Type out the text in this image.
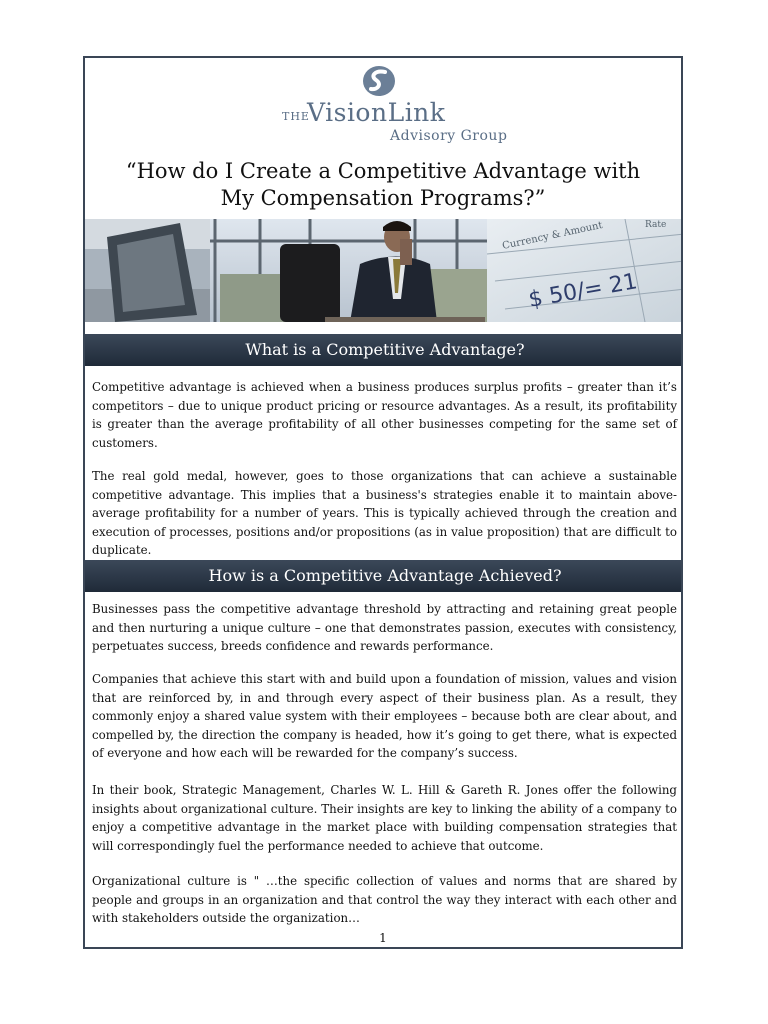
THE
VisionLink
Advisory Group
“How do I Create a Competitive Advantage with
My Compensation Programs?”
Currency & Amount	Rate
$ 50/= 21
What is a Competitive Advantage?

Competitive advantage is achieved when a business produces surplus profits – greater than it’s competitors – due to unique product pricing or resource advantages. As a result, its profitability is greater than the average profitability of all other businesses competing for the same set of customers.

The real gold medal, however, goes to those organizations that can achieve a sustainable competitive advantage. This implies that a business's strategies enable it to maintain above-average profitability for a number of years. This is typically achieved through the creation and execution of processes, positions and/or propositions (as in value proposition) that are difficult to duplicate.

How is a Competitive Advantage Achieved?

Businesses pass the competitive advantage threshold by attracting and retaining great people and then nurturing a unique culture – one that demonstrates passion, executes with consistency, perpetuates success, breeds confidence and rewards performance.

Companies that achieve this start with and build upon a foundation of mission, values and vision that are reinforced by, in and through every aspect of their business plan. As a result, they commonly enjoy a shared value system with their employees – because both are clear about, and compelled by, the direction the company is headed, how it’s going to get there, what is expected of everyone and how each will be rewarded for the company’s success.

In their book, Strategic Management, Charles W. L. Hill & Gareth R. Jones offer the following insights about organizational culture. Their insights are key to linking the ability of a company to enjoy a competitive advantage in the market place with building compensation strategies that will correspondingly fuel the performance needed to achieve that outcome.

Organizational culture is " …the specific collection of values and norms that are shared by people and groups in an organization and that control the way they interact with each other and with stakeholders outside the organization…

1
